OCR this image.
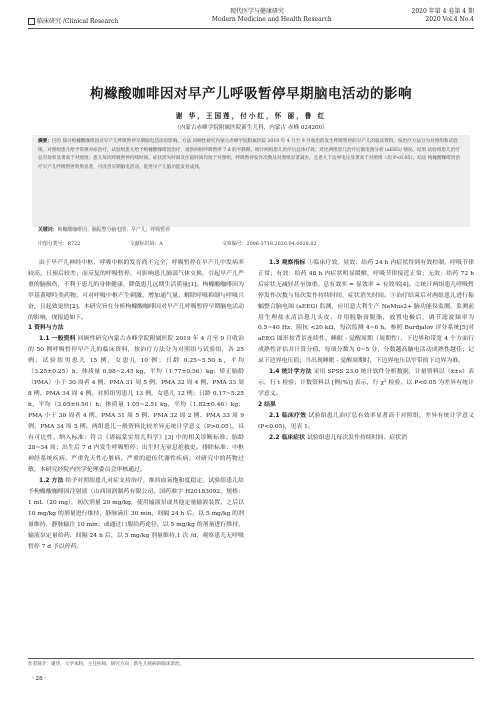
现代医学与健康研究	2020 年第 4 卷第 4 期
临床研究 /Clinical Research	Modern Medicine and Health Research	2020 Vol.4 No.4
枸橼酸咖啡因对早产儿呼吸暂停早期脑电活动的影响
谢 华，王国莲，付小红，怀 丽，鲁 红
（内蒙古赤峰学院附属医院新生儿科，内蒙古 赤峰 024200）
摘要：目的 探讨枸橼酸咖啡因对早产儿呼吸暂停早期脑电活动的影响。方法 回顾性研究内蒙古赤峰学院附属医院 2019 年 4 月至 9 月收治的发生呼吸暂停的早产儿的临床资料，按治疗方法分为对照组和试验组。对照组患儿给予常规对症治疗，试验组患儿给予枸橼酸咖啡因治疗，观察两组呼吸暂停 7 d 的平静期、统计两组患儿治疗后总体疗效、对比两组患儿治疗后脑电图分析 (aEEG) 情况。结果 试验组患儿治疗总有效率显著高于对照组；患儿每次呼吸暂停持续时间、症状消失时间及住院时间均短于对照组，呼吸暂停发作次数及对照组显著减少，且患儿下边界电压显著高于对照组（均 P<0.05）。结论 枸橼酸咖啡因治疗早产儿呼吸暂停效果显著，可改善早期脑电活动，促进早产儿脑功能发育成熟。
关键词：枸橼酸咖啡因；脑振整分脑电图；早产儿；呼吸暂停
中图分类号：R722	文献标识码：A	文章编号：2096-3718.2020.04.0028.02

由于早产儿神经中枢、呼吸中枢的发育尚不完全，呼吸暂停在早产儿中发病率较高，且预后较差；而反复的呼吸暂停，可影响患儿肺部气体交换，引起早产儿严重的脑损伤，不利于患儿的身体健康，降低患儿远期生活质量[1]。枸橼酸咖啡因为甲基黄嘌呤类药物，可对呼吸中枢产生刺激，增加通气量，解除呼吸抑制与呼吸兴奋，且起效更快[2]。本研究旨在分析枸橼酸咖啡因对早产儿呼吸暂停早期脑电活动的影响，现报道如下。

1 资料与方法

1.1 一般资料 回顾性研究内蒙古赤峰学院附属医院 2019 年 4 月至 9 月收治的 50 例呼吸暂停早产儿的临床资料，按治疗方法分为对照组与试验组，各 25 例。试验组男患儿 15 例，女患儿 10 例；日龄 0.25~5.50 h，平均（3.25±0.25）h；体质量 0.98~2.45 kg，平均（1.77±0.56）kg；矫正胎龄（PMA）小于 30 周者 4 例、PMA 31 周 5 例、PMA 32 周 4 例、PMA 33 周 8 例、PMA 34 周 4 例。对照组男患儿 13 例，女患儿 12 例；日龄 0.17~5.25 h，平均（3.05±0.50）h；体质量 1.05~2.51 kg，平均（1.82±0.46）kg；PMA 小于 30 周者 4 例、PMA 31 周 5 例、PMA 32 周 2 例、PMA 33 周 9 例、PMA 34 周 5 例。两组患儿一般资料比较差异无统计学意义（P>0.05），具有可比性。纳入标准：符合《诸福棠实用儿科学》[3] 中的相关诊断标准；胎龄 28~34 周；出生后 7 d 内发生呼吸暂停；出生时无窒息抢救史。排除标准：中枢神经系统疾病、严重先天性心脏病、严重的遗传代谢性疾病；对研究中的药物过敏。本研究经院内医学伦理委员会审核通过。

1.2 方法 给予对照组患儿对症支持治疗，维持血氧饱和度稳定。试验组患儿给予枸橼酸咖啡因注射液（山西国润制药有限公司，国药准字 H20183092，规格：1 mL（20 mg），初次剂量 20 mg/kg，使用输液泵或其他定量输液装置，之后以 10 mg/kg 的剂量进行维持，静脉滴注 30 min，间隔 24 h 后，以 5 mg/kg 的剂量维持，静脉输注 10 min；或通过口服给药途径，以 5 mg/kg 的剂量进行维持，输液泵定量给药，间隔 24 h 后，以 5 mg/kg 剂量维持,1 次 /d，观察患儿无呼吸暂停 7 d 予以停药。

1.3 观察指标 ①临床疗效。显效：给药 24 h 内症状得到有效控制，呼吸节律正常；有效：给药 48 h 内症状明显缓解，呼吸节律接近正常；无效：给药 72 h 后症状无减轻甚至加重。总有效率 = 显效率 + 有效率[4]。②统计两组患儿呼吸暂停发作次数与每次发作持续时间，症状消失时间。③治疗结束后对两组患儿进行振幅整合脑电图 (aEEG) 监测，应用意大利生产 NeMus2+ 脑功能仪监测，监测前用生理盐水清洁患儿头皮，并用脱脂膏脱脂，放置电极后，调节滤波频率为 0.5~40 Hz，阻抗 <20 kΩ，每次监测 4~6 h。参照 Burdjalov 评分系统[5]对 aEEG 图形按背景连续性、睡眠 - 觉醒周期（周期性）、下边界和带宽 4 个方面行成熟性评估并计算分值，每项分数为 0~5 分，分数越高脑电活动成熟性越佳；记录下边界电压值；当出现睡眠 - 觉醒周期时，下边界电压以窄带的下边界为准。

1.4 统计学方法 采用 SPSS 23.0 统计软件分析数据，计量资料以（x̄±s）表示，行 t 检验；计数资料以 [例(%)] 表示，行 χ² 检验，以 P<0.05 为差异有统计学意义。

2 结果

2.1 临床疗效 试验组患儿治疗总有效率显著高于对照组，差异有统计学意义 (P<0.05)，见表 1。

2.2 临床症状 试验组患儿每次发作持续时间、症状消

作者简介：谢华，大学本科，主任医师，研究方向：新生儿疾病的临床诊治。
· 28 ·
